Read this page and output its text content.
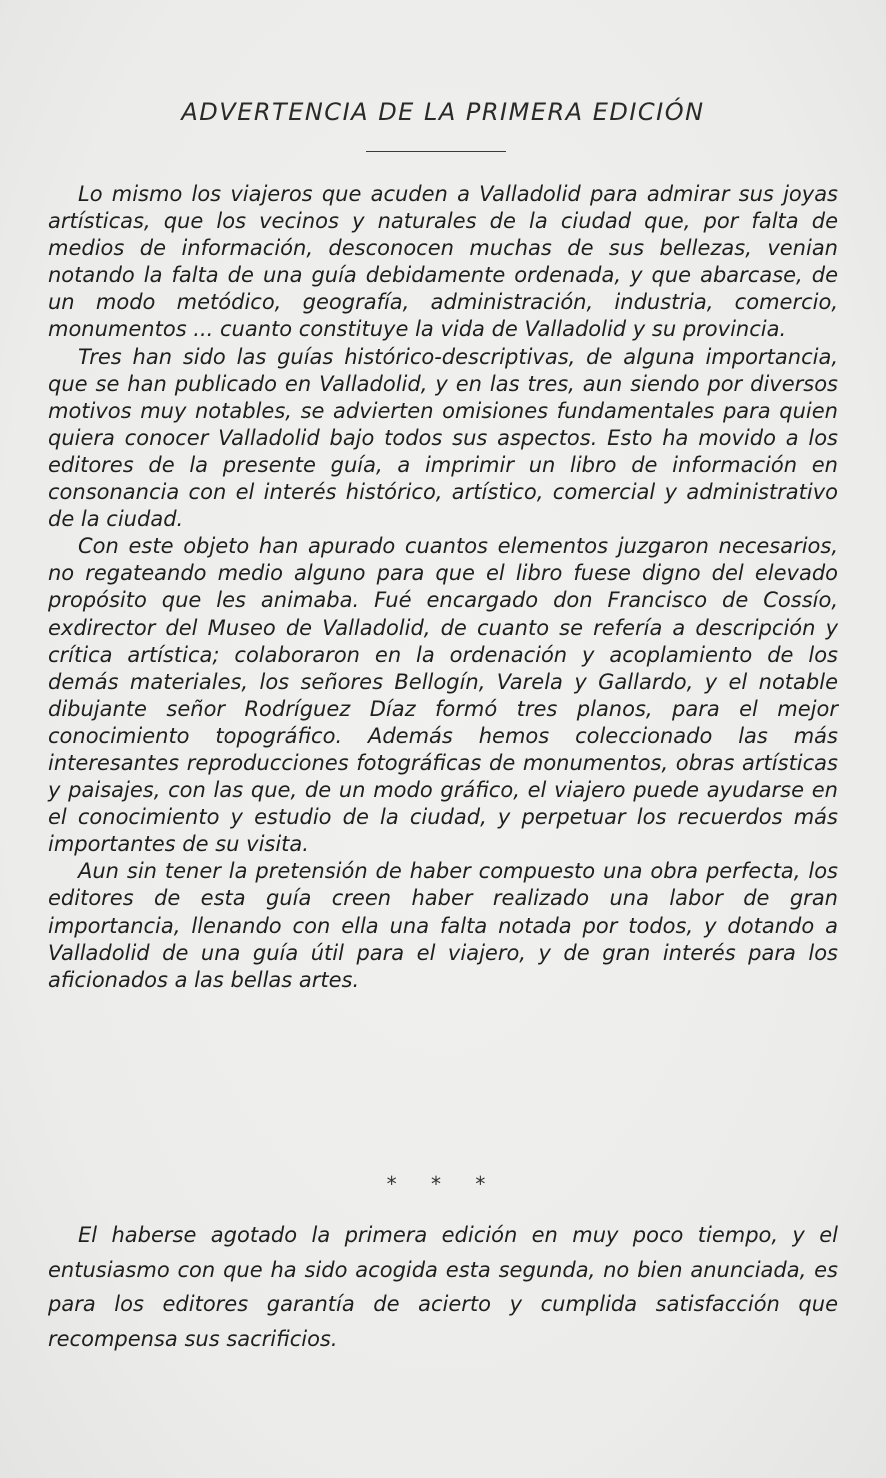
ADVERTENCIA DE LA PRIMERA EDICIÓN

Lo mismo los viajeros que acuden a Valladolid para admirar sus joyas artísticas, que los vecinos y naturales de la ciudad que, por falta de medios de información, desconocen muchas de sus bellezas, venian notando la falta de una guía debidamente ordenada, y que abarcase, de un modo metódico, geografía, administración, industria, comercio, monumentos ... cuanto constituye la vida de Valladolid y su provincia.

Tres han sido las guías histórico-descriptivas, de alguna importancia, que se han publicado en Valladolid, y en las tres, aun siendo por diversos motivos muy notables, se advierten omisiones fundamentales para quien quiera conocer Valladolid bajo todos sus aspectos. Esto ha movido a los editores de la presente guía, a imprimir un libro de información en consonancia con el interés histórico, artístico, comercial y administrativo de la ciudad.

Con este objeto han apurado cuantos elementos juzgaron necesarios, no regateando medio alguno para que el libro fuese digno del elevado propósito que les animaba. Fué encargado don Francisco de Cossío, exdirector del Museo de Valladolid, de cuanto se refería a descripción y crítica artística; colaboraron en la ordenación y acoplamiento de los demás materiales, los señores Bellogín, Varela y Gallardo, y el notable dibujante señor Rodríguez Díaz formó tres planos, para el mejor conocimiento topográfico. Además hemos coleccionado las más interesantes reproducciones fotográficas de monumentos, obras artísticas y paisajes, con las que, de un modo gráfico, el viajero puede ayudarse en el conocimiento y estudio de la ciudad, y perpetuar los recuerdos más importantes de su visita.

Aun sin tener la pretensión de haber compuesto una obra perfecta, los editores de esta guía creen haber realizado una labor de gran importancia, llenando con ella una falta notada por todos, y dotando a Valladolid de una guía útil para el viajero, y de gran interés para los aficionados a las bellas artes.

* * *

El haberse agotado la primera edición en muy poco tiempo, y el entusiasmo con que ha sido acogida esta segunda, no bien anunciada, es para los editores garantía de acierto y cumplida satisfacción que recompensa sus sacrificios.
